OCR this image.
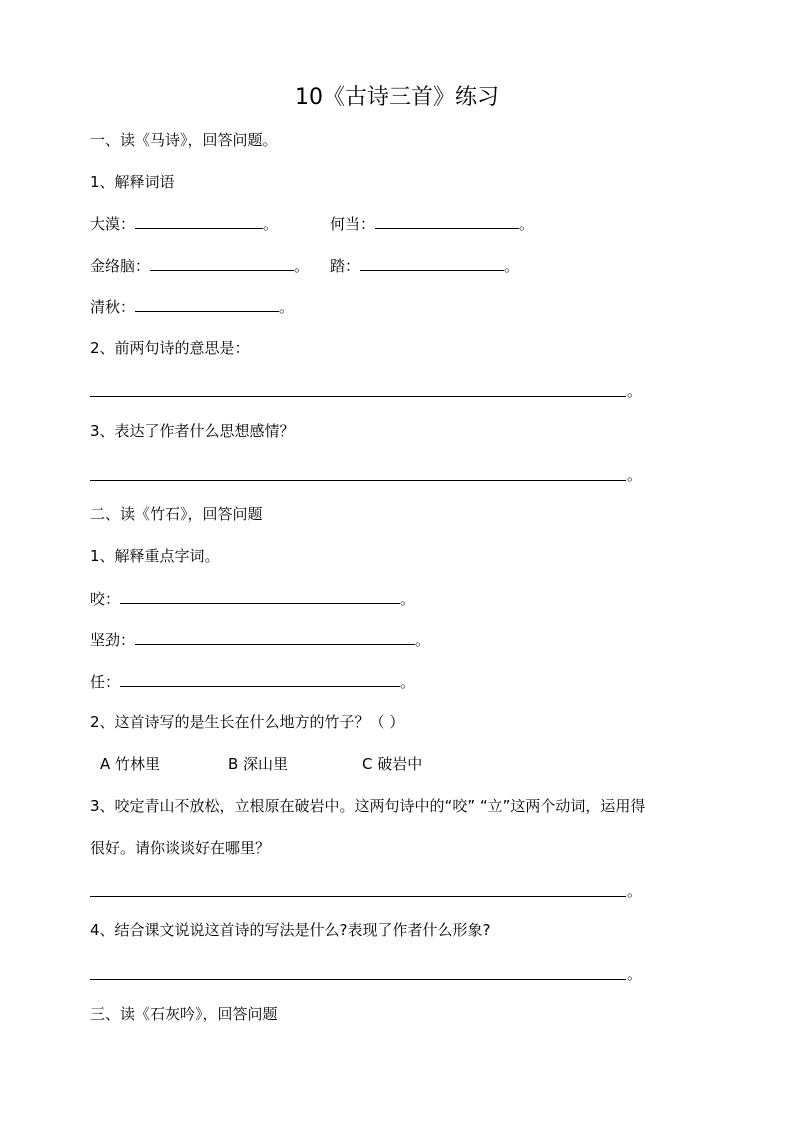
10《古诗三首》练习
一、读《马诗》，回答问题。
1、解释词语
大漠：	。	何当：	。
金络脑：	。 踏：	。
清秋：	。
2、前两句诗的意思是：
。
3、表达了作者什么思想感情？
。
二、读《竹石》，回答问题
1、解释重点字词。
咬：	。
坚劲：	。
任：	。
2、这首诗写的是生长在什么地方的竹子？（ ）
A 竹林里	B 深山里	C 破岩中
3、咬定青山不放松，立根原在破岩中。这两句诗中的“咬” “立”这两个动词，运用得
很好。请你谈谈好在哪里？
。
4、结合课文说说这首诗的写法是什么?表现了作者什么形象?
。
三、读《石灰吟》，回答问题
